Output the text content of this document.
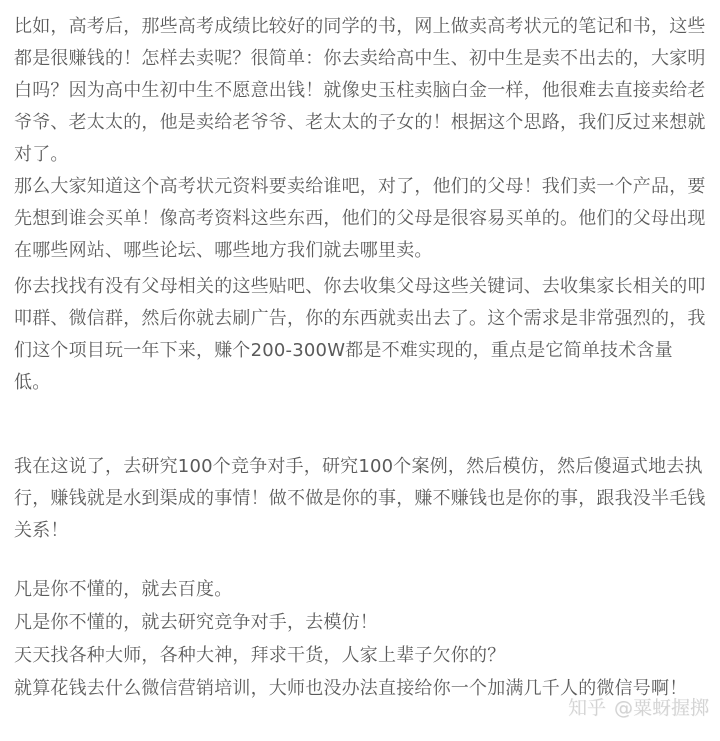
比如，高考后，那些高考成绩比较好的同学的书，网上做卖高考状元的笔记和书，这些都是很赚钱的！怎样去卖呢？很简单：你去卖给高中生、初中生是卖不出去的，大家明白吗？因为高中生初中生不愿意出钱！就像史玉柱卖脑白金一样，他很难去直接卖给老爷爷、老太太的，他是卖给老爷爷、老太太的子女的！根据这个思路，我们反过来想就对了。

那么大家知道这个高考状元资料要卖给谁吧，对了，他们的父母！我们卖一个产品，要先想到谁会买单！像高考资料这些东西，他们的父母是很容易买单的。他们的父母出现在哪些网站、哪些论坛、哪些地方我们就去哪里卖。

你去找找有没有父母相关的这些贴吧、你去收集父母这些关键词、去收集家长相关的叩叩群、微信群，然后你就去刷广告，你的东西就卖出去了。这个需求是非常强烈的，我们这个项目玩一年下来，赚个200-300W都是不难实现的，重点是它简单技术含量低。

我在这说了，去研究100个竞争对手，研究100个案例，然后模仿，然后傻逼式地去执行，赚钱就是水到渠成的事情！做不做是你的事，赚不赚钱也是你的事，跟我没半毛钱关系！

凡是你不懂的，就去百度。

凡是你不懂的，就去研究竞争对手，去模仿！

天天找各种大师，各种大神，拜求干货，人家上辈子欠你的？

就算花钱去什么微信营销培训，大师也没办法直接给你一个加满几千人的微信号啊！

知乎 @粟蚜握掷
